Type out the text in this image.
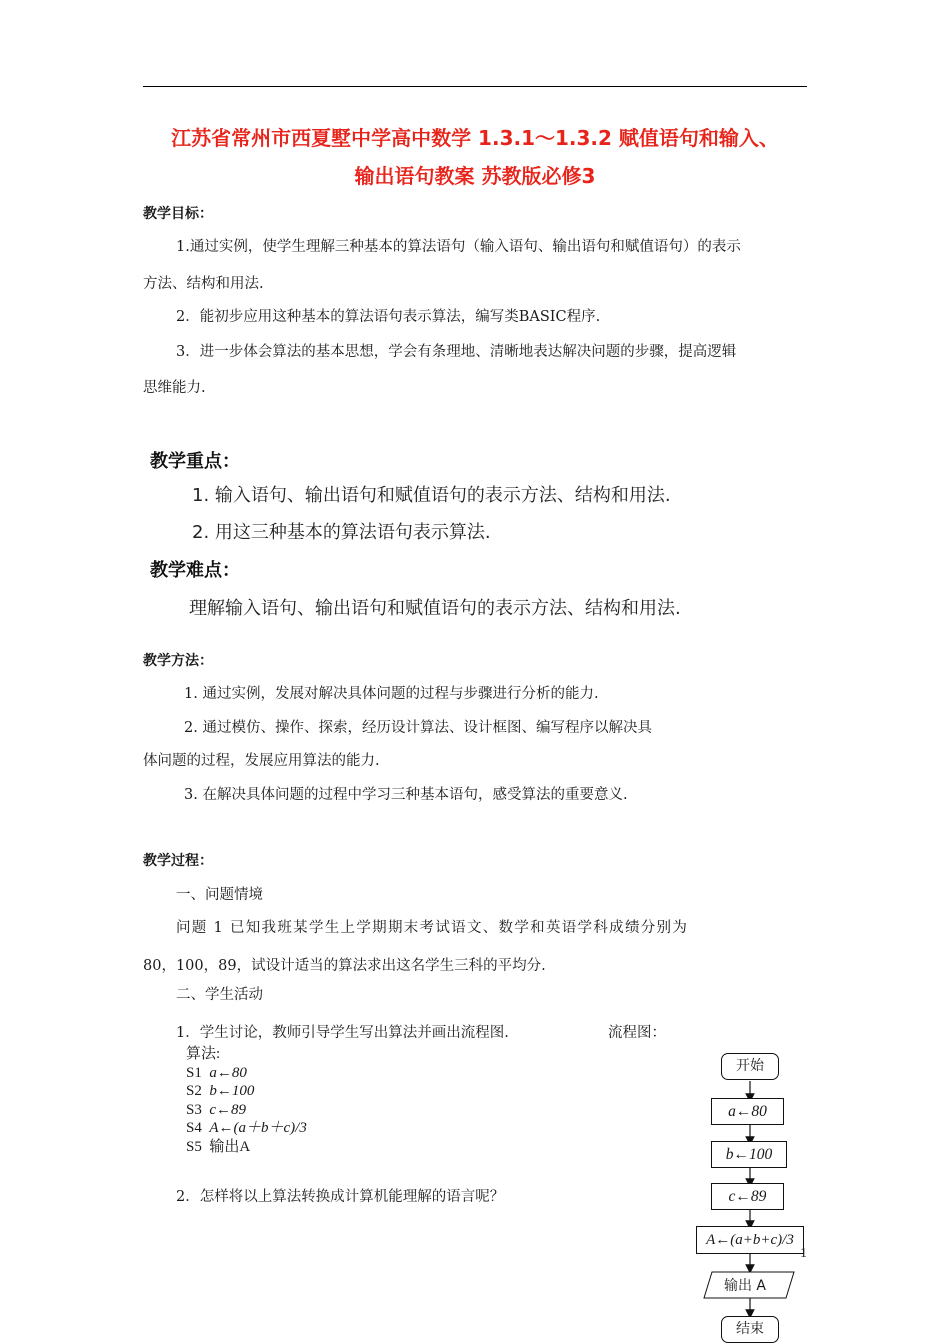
江苏省常州市西夏墅中学高中数学 1.3.1～1.3.2 赋值语句和输入、
输出语句教案 苏教版必修3
教学目标：
1.通过实例，使学生理解三种基本的算法语句（输入语句、输出语句和赋值语句）的表示
方法、结构和用法.
2．能初步应用这种基本的算法语句表示算法，编写类BASIC程序.
3．进一步体会算法的基本思想，学会有条理地、清晰地表达解决问题的步骤，提高逻辑
思维能力.
教学重点：
1. 输入语句、输出语句和赋值语句的表示方法、结构和用法.
2. 用这三种基本的算法语句表示算法.
教学难点：
理解输入语句、输出语句和赋值语句的表示方法、结构和用法.
教学方法：
1. 通过实例，发展对解决具体问题的过程与步骤进行分析的能力.
2. 通过模仿、操作、探索，经历设计算法、设计框图、编写程序以解决具
体问题的过程，发展应用算法的能力.
3. 在解决具体问题的过程中学习三种基本语句，感受算法的重要意义.
教学过程：
一、问题情境
问题 1 已知我班某学生上学期期末考试语文、数学和英语学科成绩分别为
80，100，89，试设计适当的算法求出这名学生三科的平均分.
二、学生活动
1．学生讨论，教师引导学生写出算法并画出流程图.	流程图：
算法:
S1 a←80
S2 b←100
S3 c←89
S4 A←(a＋b＋c)/3
S5 输出A
2．怎样将以上算法转换成计算机能理解的语言呢？
开始
a←80
b←100
c←89
A←(a+b+c)/3
输出 A
结束
1
